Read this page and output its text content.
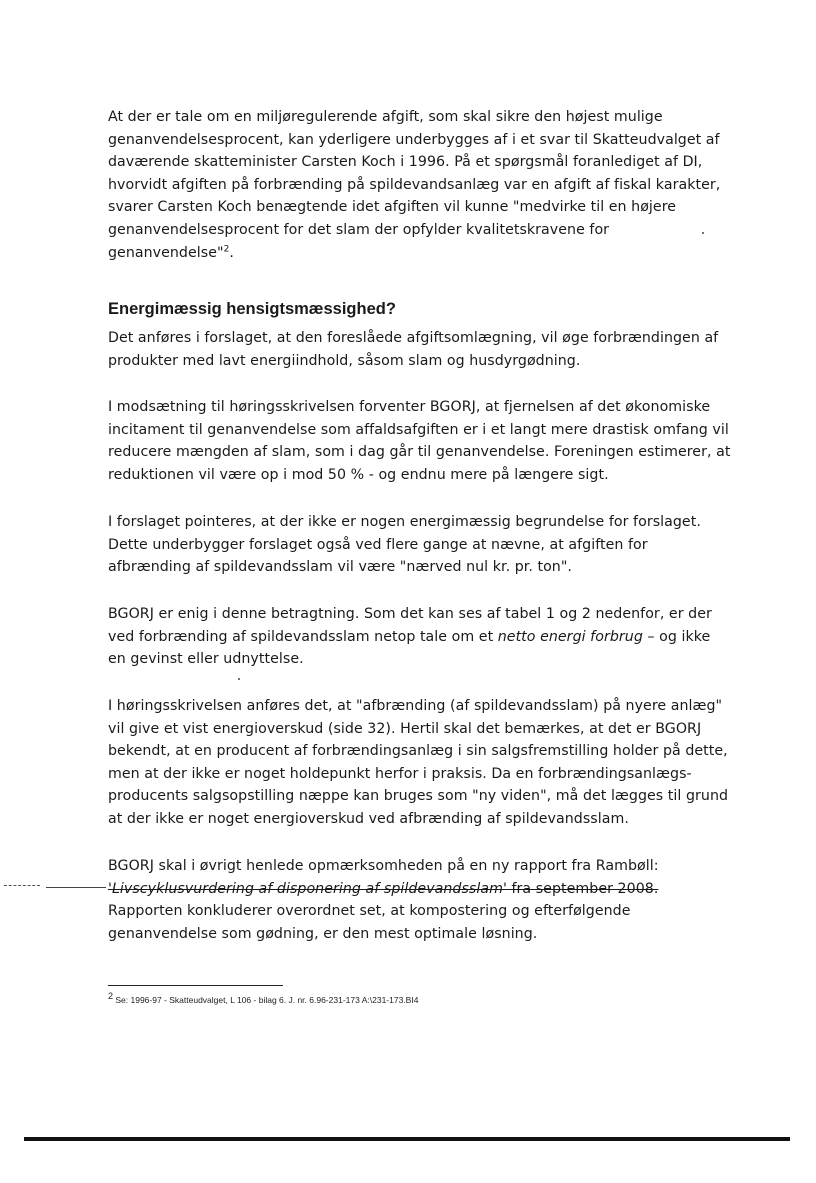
At der er tale om en miljøregulerende afgift, som skal sikre den højest mulige
genanvendelsesprocent, kan yderligere underbygges af i et svar til Skatteudvalget af
daværende skatteminister Carsten Koch i 1996. På et spørgsmål foranlediget af DI,
hvorvidt afgiften på forbrænding på spildevandsanlæg var en afgift af fiskal karakter,
svarer Carsten Koch benægtende idet afgiften vil kunne "medvirke til en højere
genanvendelsesprocent for det slam der opfylder kvalitetskravene for
genanvendelse"$^2$.
Energimæssig hensigtsmæssighed?
Det anføres i forslaget, at den foreslåede afgiftsomlægning, vil øge forbrændingen af
produkter med lavt energiindhold, såsom slam og husdyrgødning.
I modsætning til høringsskrivelsen forventer BGORJ, at fjernelsen af det økonomiske
incitament til genanvendelse som affaldsafgiften er i et langt mere drastisk omfang vil
reducere mængden af slam, som i dag går til genanvendelse. Foreningen estimerer, at
reduktionen vil være op i mod 50 % - og endnu mere på længere sigt.
I forslaget pointeres, at der ikke er nogen energimæssig begrundelse for forslaget.
Dette underbygger forslaget også ved flere gange at nævne, at afgiften for
afbrænding af spildevandsslam vil være "nærved nul kr. pr. ton".
BGORJ er enig i denne betragtning. Som det kan ses af tabel 1 og 2 nedenfor, er der
ved forbrænding af spildevandsslam netop tale om et netto energi forbrug – og ikke
en gevinst eller udnyttelse.
I høringsskrivelsen anføres det, at "afbrænding (af spildevandsslam) på nyere anlæg"
vil give et vist energioverskud (side 32). Hertil skal det bemærkes, at det er BGORJ
bekendt, at en producent af forbrændingsanlæg i sin salgsfremstilling holder på dette,
men at der ikke er noget holdepunkt herfor i praksis. Da en forbrændingsanlægs-
producents salgsopstilling næppe kan bruges som "ny viden", må det lægges til grund
at der ikke er noget energioverskud ved afbrænding af spildevandsslam.
BGORJ skal i øvrigt henlede opmærksomheden på en ny rapport fra Rambøll:
'Livscyklusvurdering af disponering af spildevandsslam' fra september 2008.
Rapporten konkluderer overordnet set, at kompostering og efterfølgende
genanvendelse som gødning, er den mest optimale løsning.
$^2$ Se: 1996-97 - Skatteudvalget, L 106 - bilag 6. J. nr. 6.96-231-173 A:\231-173.BI4
